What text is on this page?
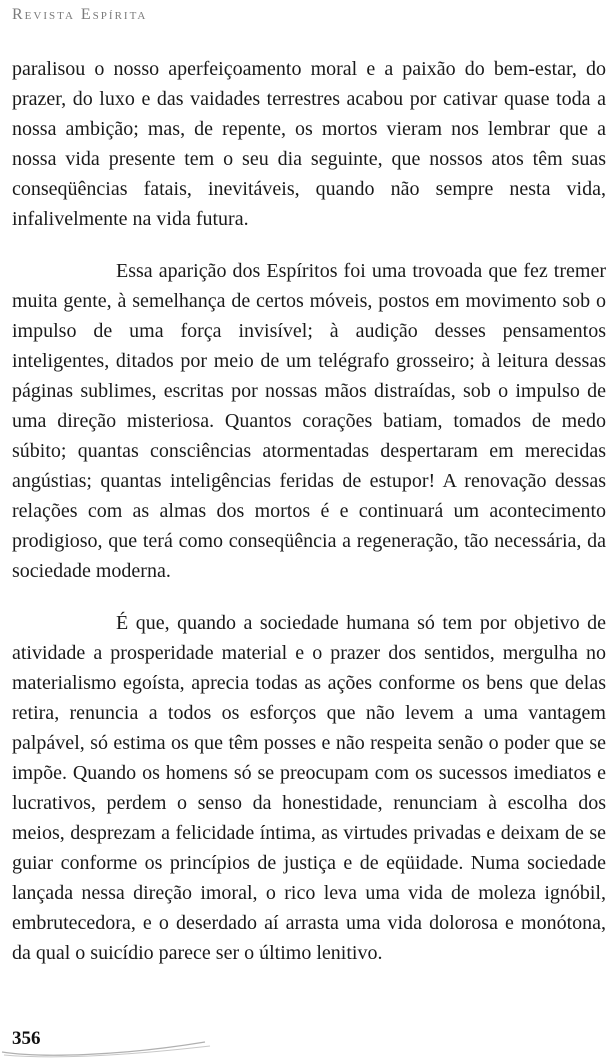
Revista Espírita

paralisou o nosso aperfeiçoamento moral e a paixão do bem-estar, do prazer, do luxo e das vaidades terrestres acabou por cativar quase toda a nossa ambição; mas, de repente, os mortos vieram nos lembrar que a nossa vida presente tem o seu dia seguinte, que nossos atos têm suas conseqüências fatais, inevitáveis, quando não sempre nesta vida, infalivelmente na vida futura.

Essa aparição dos Espíritos foi uma trovoada que fez tremer muita gente, à semelhança de certos móveis, postos em movimento sob o impulso de uma força invisível; à audição desses pensamentos inteligentes, ditados por meio de um telégrafo grosseiro; à leitura dessas páginas sublimes, escritas por nossas mãos distraídas, sob o impulso de uma direção misteriosa. Quantos corações batiam, tomados de medo súbito; quantas consciências atormentadas despertaram em merecidas angústias; quantas inteligências feridas de estupor! A renovação dessas relações com as almas dos mortos é e continuará um acontecimento prodigioso, que terá como conseqüência a regeneração, tão necessária, da sociedade moderna.

É que, quando a sociedade humana só tem por objetivo de atividade a prosperidade material e o prazer dos sentidos, mergulha no materialismo egoísta, aprecia todas as ações conforme os bens que delas retira, renuncia a todos os esforços que não levem a uma vantagem palpável, só estima os que têm posses e não respeita senão o poder que se impõe. Quando os homens só se preocupam com os sucessos imediatos e lucrativos, perdem o senso da honestidade, renunciam à escolha dos meios, desprezam a felicidade íntima, as virtudes privadas e deixam de se guiar conforme os princípios de justiça e de eqüidade. Numa sociedade lançada nessa direção imoral, o rico leva uma vida de moleza ignóbil, embrutecedora, e o deserdado aí arrasta uma vida dolorosa e monótona, da qual o suicídio parece ser o último lenitivo.

356
